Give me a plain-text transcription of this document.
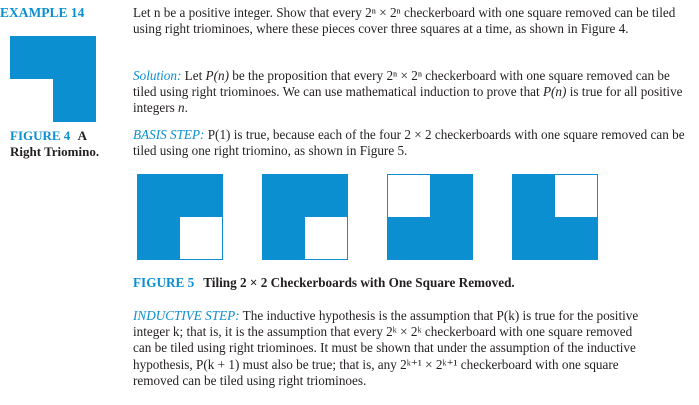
EXAMPLE 14	Let n be a positive integer. Show that every 2ⁿ × 2ⁿ checkerboard with one square removed can be tiled using right triominoes, where these pieces cover three squares at a time, as shown in Figure 4.

FIGURE 4 A
Right Triomino.

Solution: Let P(n) be the proposition that every 2ⁿ × 2ⁿ checkerboard with one square removed can be tiled using right triominoes. We can use mathematical induction to prove that P(n) is true for all positive integers n.

BASIS STEP: P(1) is true, because each of the four 2 × 2 checkerboards with one square removed can be tiled using one right triomino, as shown in Figure 5.

FIGURE 5 Tiling 2 × 2 Checkerboards with One Square Removed.

INDUCTIVE STEP: The inductive hypothesis is the assumption that P(k) is true for the positive

integer k; that is, it is the assumption that every 2ᵏ × 2ᵏ checkerboard with one square removed

can be tiled using right triominoes. It must be shown that under the assumption of the inductive

hypothesis, P(k + 1) must also be true; that is, any 2ᵏ⁺¹ × 2ᵏ⁺¹ checkerboard with one square

removed can be tiled using right triominoes.
